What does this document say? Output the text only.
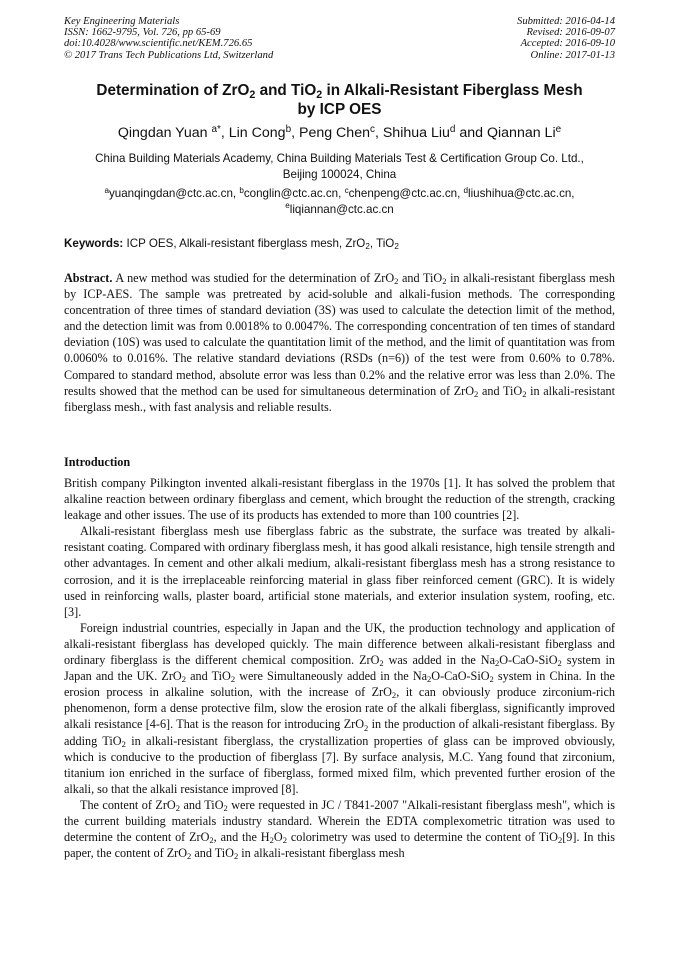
Key Engineering Materials
ISSN: 1662-9795, Vol. 726, pp 65-69
doi:10.4028/www.scientific.net/KEM.726.65
© 2017 Trans Tech Publications Ltd, Switzerland
Submitted: 2016-04-14
Revised: 2016-09-07
Accepted: 2016-09-10
Online: 2017-01-13
Determination of ZrO$_2$ and TiO$_2$ in Alkali-Resistant Fiberglass Mesh
by ICP OES
Qingdan Yuan $^{a*}$, Lin Cong$^b$, Peng Chen$^c$, Shihua Liu$^d$ and Qiannan Li$^e$
China Building Materials Academy, China Building Materials Test & Certification Group Co. Ltd.,
Beijing 100024, China
$^a$yuanqingdan@ctc.ac.cn, $^b$conglin@ctc.ac.cn, $^c$chenpeng@ctc.ac.cn, $^d$liushihua@ctc.ac.cn,
$^e$liqiannan@ctc.ac.cn
Keywords: ICP OES, Alkali-resistant fiberglass mesh, ZrO$_2$, TiO$_2$
Abstract. A new method was studied for the determination of ZrO$_2$ and TiO$_2$ in alkali-resistant fiberglass mesh by ICP-AES. The sample was pretreated by acid-soluble and alkali-fusion methods. The corresponding concentration of three times of standard deviation (3S) was used to calculate the detection limit of the method, and the detection limit was from 0.0018% to 0.0047%. The corresponding concentration of ten times of standard deviation (10S) was used to calculate the quantitation limit of the method, and the limit of quantitation was from 0.0060% to 0.016%. The relative standard deviations (RSDs (n=6)) of the test were from 0.60% to 0.78%. Compared to standard method, absolute error was less than 0.2% and the relative error was less than 2.0%. The results showed that the method can be used for simultaneous determination of ZrO$_2$ and TiO$_2$ in alkali-resistant fiberglass mesh., with fast analysis and reliable results.
Introduction

British company Pilkington invented alkali-resistant fiberglass in the 1970s [1]. It has solved the problem that alkaline reaction between ordinary fiberglass and cement, which brought the reduction of the strength, cracking leakage and other issues. The use of its products has extended to more than 100 countries [2].

Alkali-resistant fiberglass mesh use fiberglass fabric as the substrate, the surface was treated by alkali-resistant coating. Compared with ordinary fiberglass mesh, it has good alkali resistance, high tensile strength and other advantages. In cement and other alkali medium, alkali-resistant fiberglass mesh has a strong resistance to corrosion, and it is the irreplaceable reinforcing material in glass fiber reinforced cement (GRC). It is widely used in reinforcing walls, plaster board, artificial stone materials, and exterior insulation system, roofing, etc. [3].

Foreign industrial countries, especially in Japan and the UK, the production technology and application of alkali-resistant fiberglass has developed quickly. The main difference between alkali-resistant fiberglass and ordinary fiberglass is the different chemical composition. ZrO$_2$ was added in the $Na_2O-CaO-SiO_2$ system in Japan and the UK. ZrO$_2$ and TiO$_2$ were Simultaneously added in the $Na_2O-CaO-SiO_2$ system in China. In the erosion process in alkaline solution, with the increase of ZrO$_2$, it can obviously produce zirconium-rich phenomenon, form a dense protective film, slow the erosion rate of the alkali fiberglass, significantly improved alkali resistance [4-6]. That is the reason for introducing ZrO$_2$ in the production of alkali-resistant fiberglass. By adding TiO$_2$ in alkali-resistant fiberglass, the crystallization properties of glass can be improved obviously, which is conducive to the production of fiberglass [7]. By surface analysis, M.C. Yang found that zirconium, titanium ion enriched in the surface of fiberglass, formed mixed film, which prevented further erosion of the alkali, so that the alkali resistance improved [8].

The content of ZrO$_2$ and TiO$_2$ were requested in JC / T841-2007 "Alkali-resistant fiberglass mesh", which is the current building materials industry standard. Wherein the EDTA complexometric titration was used to determine the content of ZrO$_2$, and the $H_2O_2$ colorimetry was used to determine the content of TiO$_2$[9]. In this paper, the content of ZrO$_2$ and TiO$_2$ in alkali-resistant fiberglass mesh
